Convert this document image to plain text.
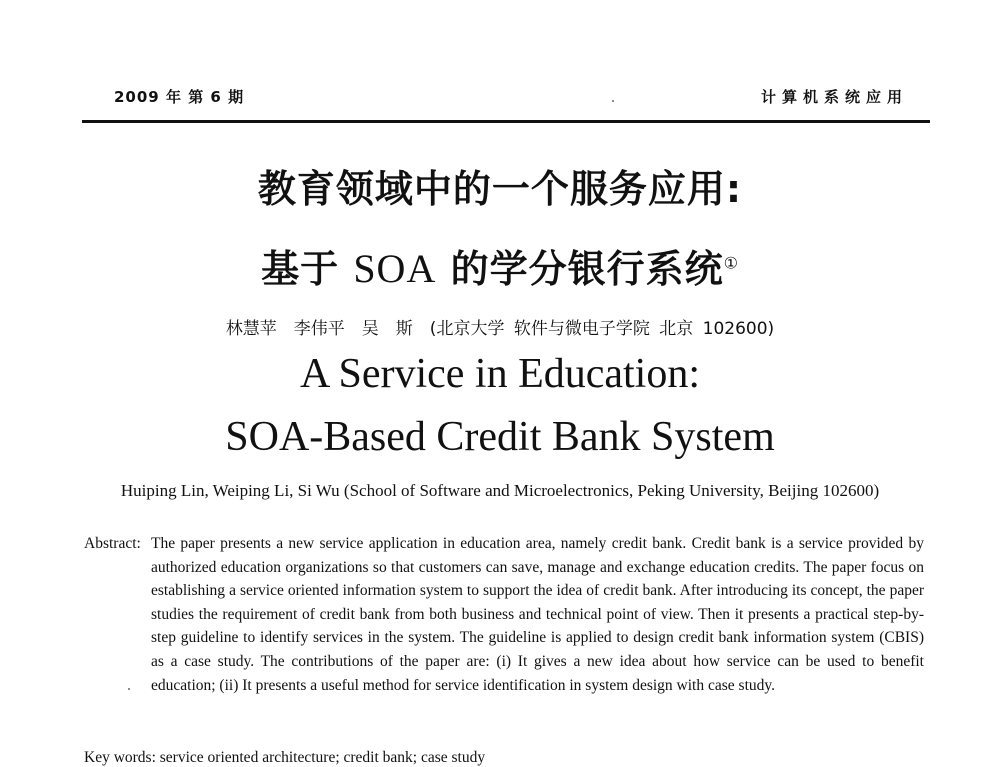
2009 年 第 6 期	计算机系统应用
教育领域中的一个服务应用:
基于 SOA 的学分银行系统①
林慧苹　李伟平　吴　斯　(北京大学 软件与微电子学院 北京 102600)
A Service in Education:
SOA-Based Credit Bank System
Huiping Lin, Weiping Li, Si Wu (School of Software and Microelectronics, Peking University, Beijing 102600)
Abstract: The paper presents a new service application in education area, namely credit bank. Credit bank is a service provided by authorized education organizations so that customers can save, manage and exchange education credits. The paper focus on establishing a service oriented information system to support the idea of credit bank. After introducing its concept, the paper studies the requirement of credit bank from both business and technical point of view. Then it presents a practical step-by-step guideline to identify services in the system. The guideline is applied to design credit bank information system (CBIS) as a case study. The contributions of the paper are: (i) It gives a new idea about how service can be used to benefit education; (ii) It presents a useful method for service identification in system design with case study.
Key words: service oriented architecture; credit bank; case study
